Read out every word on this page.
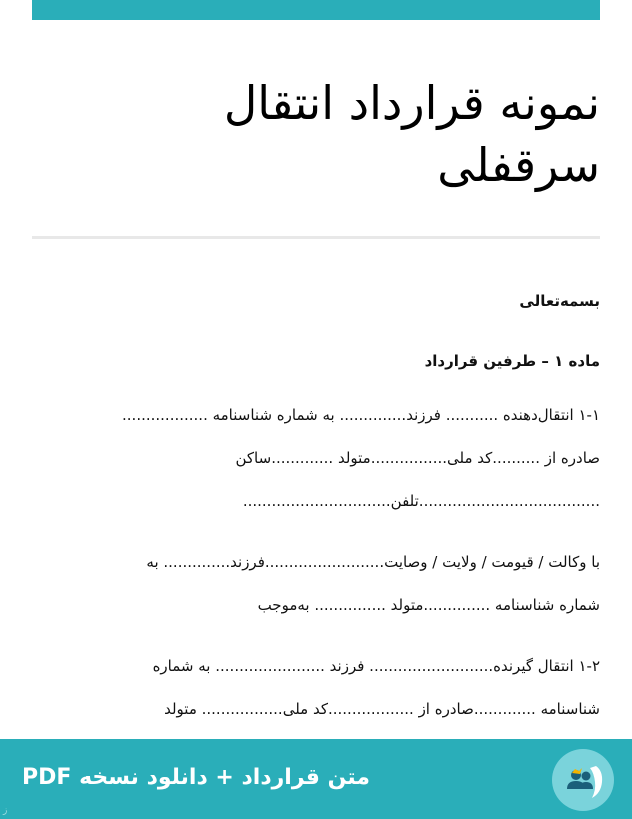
نمونه قرارداد انتقال
سرقفلی
بسمه‌تعالی
ماده ۱ – طرفین قرارداد

۱-۱ انتقال‌دهنده ........... فرزند.............. به شماره شناسنامه ..................
صادره از ..........کد ملی................متولد .............ساکن
......................................تلفن...............................

با وکالت / قیومت / ولایت / وصایت.........................فرزند.............. به
شماره شناسنامه ..............متولد ............... به‌موجب

۱-۲ انتقال گیرنده.......................... فرزند ....................... به شماره
شناسنامه .............صادره از ..................کد ملی................. متولد

متن قرارداد + دانلود نسخه PDF
ز
